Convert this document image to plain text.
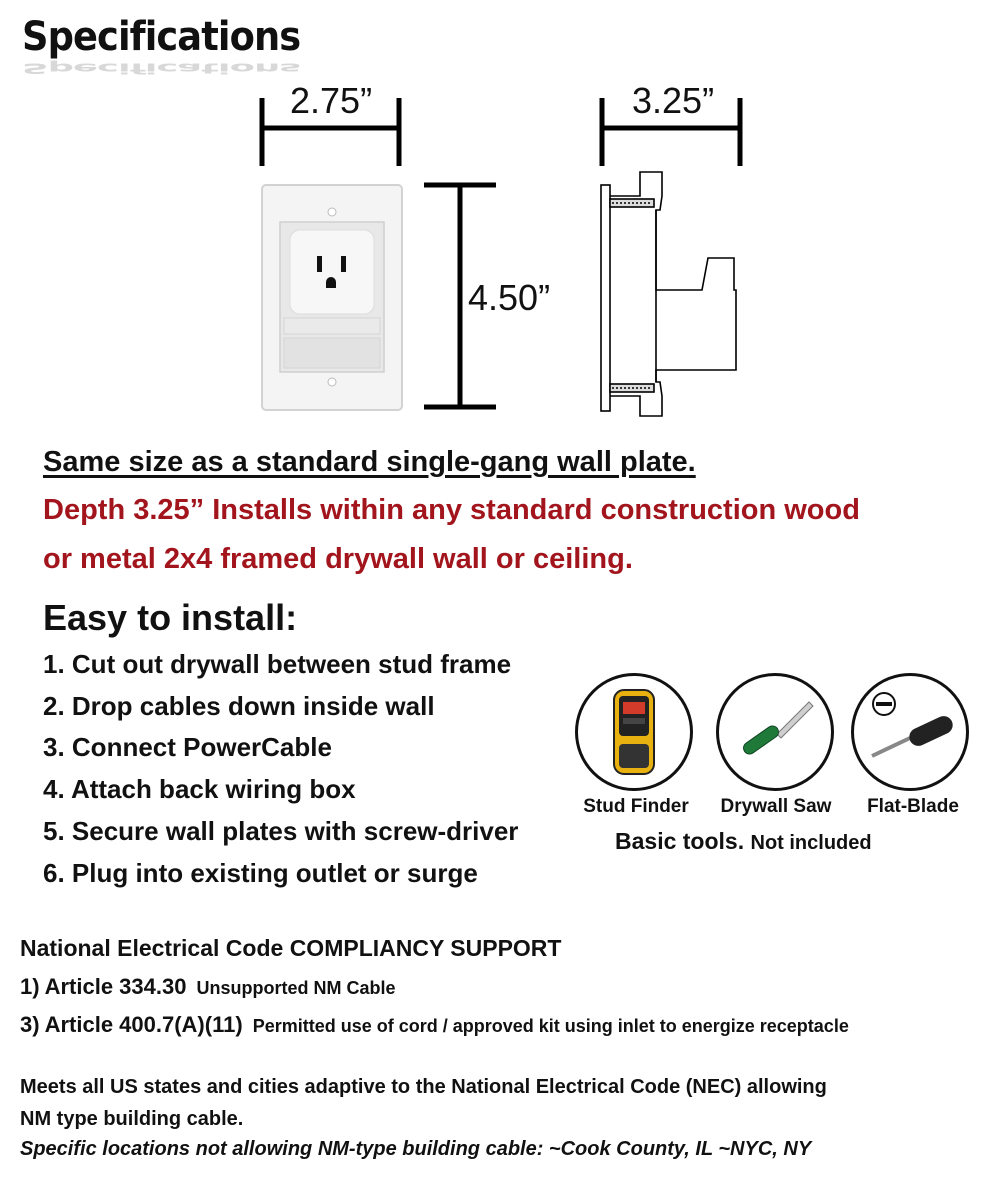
Specifications
Specifications
2.75”	3.25”
4.50”
Same size as a standard single-gang wall plate.
Depth 3.25” Installs within any standard construction wood
or metal 2x4 framed drywall wall or ceiling.
Easy to install:
1. Cut out drywall between stud frame
2. Drop cables down inside wall
3. Connect PowerCable
4. Attach back wiring box
5. Secure wall plates with screw-driver
6. Plug into existing outlet or surge
Stud Finder	Drywall Saw	Flat-Blade
Basic tools. Not included
National Electrical Code COMPLIANCY SUPPORT
1) Article 334.30 Unsupported NM Cable
3) Article 400.7(A)(11) Permitted use of cord / approved kit using inlet to energize receptacle
Meets all US states and cities adaptive to the National Electrical Code (NEC) allowing
NM type building cable.
Specific locations not allowing NM-type building cable: ~Cook County, IL ~NYC, NY
